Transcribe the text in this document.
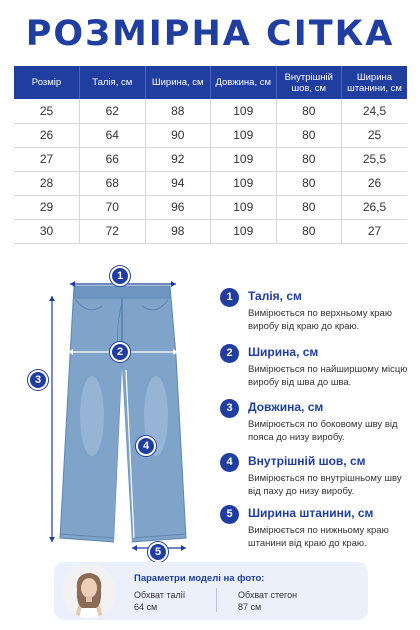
РОЗМІРНА СІТКА
Розмір	Талія, см	Ширина, см	Довжина, см	Внутрішній шов, см	Ширина штанини, см
25	62	88	109	80	24,5
26	64	90	109	80	25
27	66	92	109	80	25,5
28	68	94	109	80	26
29	70	96	109	80	26,5
30	72	98	109	80	27
1
2
3
4
5
1	Талія, см
Вимірюється по верхньому краю виробу від краю до краю.
2	Ширина, см
Вимірюється по найширшому місцю виробу від шва до шва.
3	Довжина, см
Вимірюється по боковому шву від пояса до низу виробу.
4	Внутрішній шов, см
Вимірюється по внутрішньому шву від паху до низу виробу.
5	Ширина штанини, см
Вимірюється по нижньому краю штанини від краю до краю.
Параметри моделі на фото:
Обхват талії
64 см
Обхват стегон
87 см
